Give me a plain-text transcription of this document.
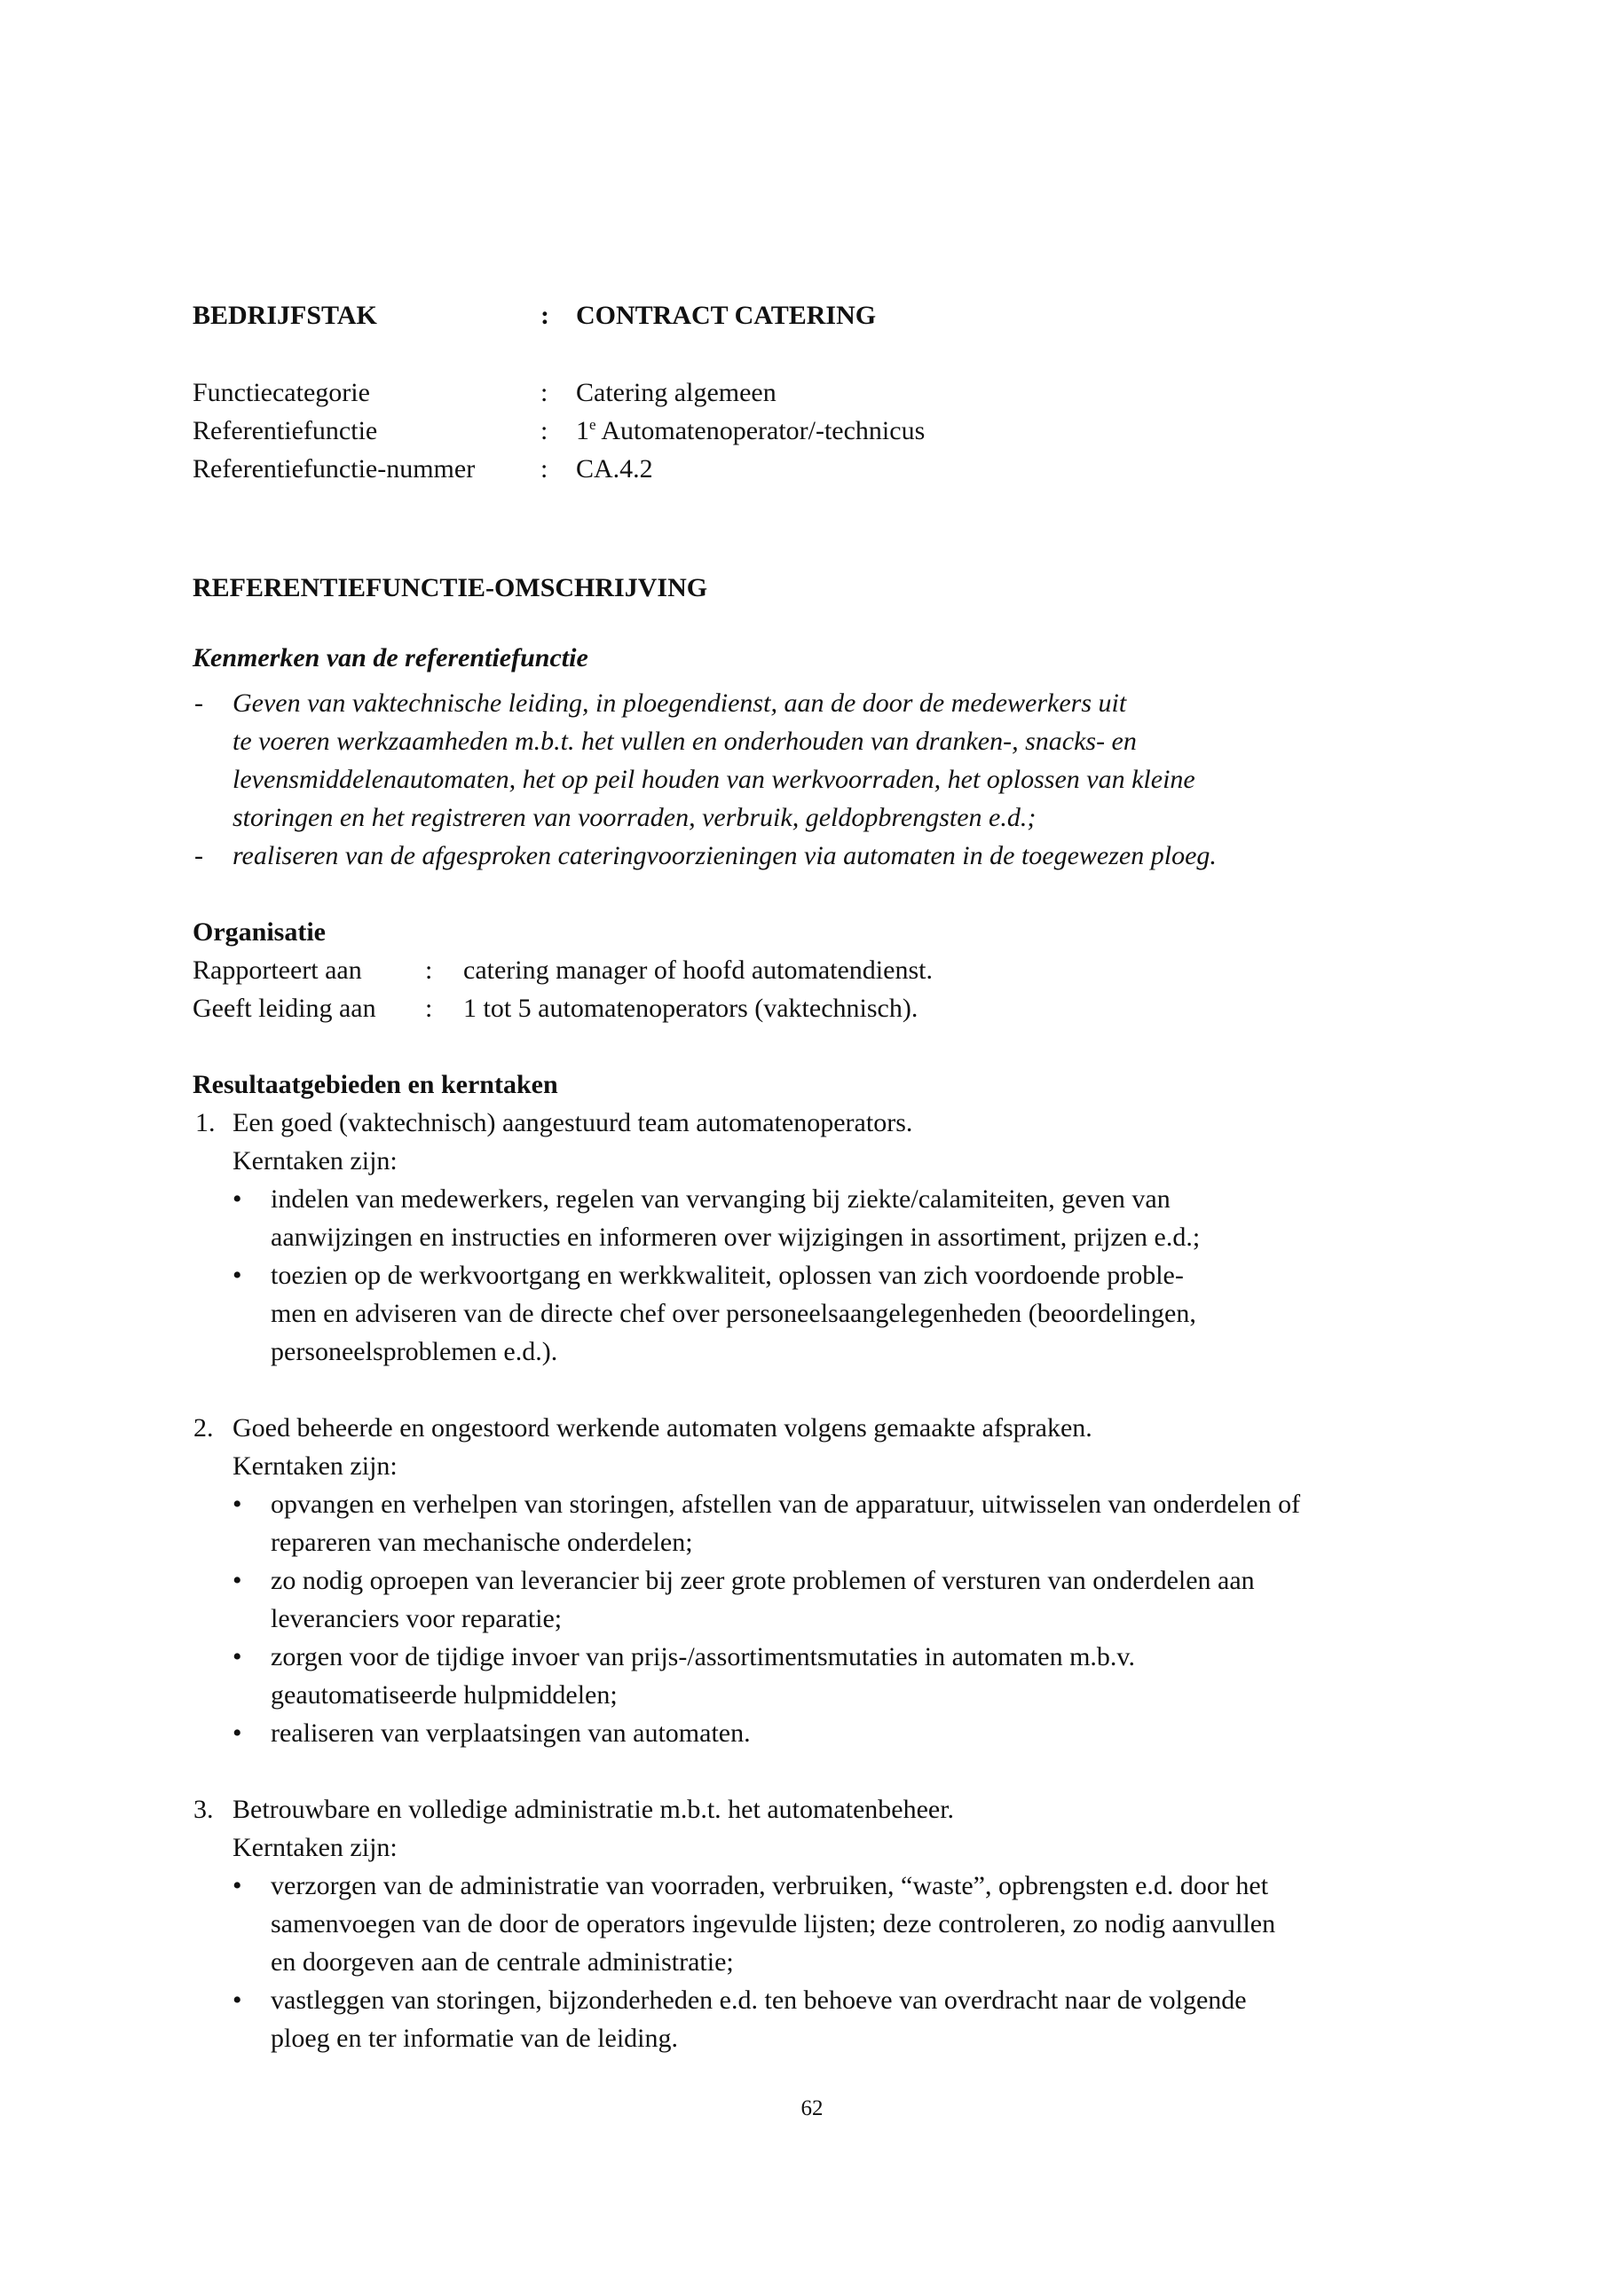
BEDRIJFSTAK	: CONTRACT CATERING
Functiecategorie	: Catering algemeen
Referentiefunctie	: 1e Automatenoperator/-technicus
Referentiefunctie-nummer : CA.4.2
REFERENTIEFUNCTIE-OMSCHRIJVING
Kenmerken van de referentiefunctie
- Geven van vaktechnische leiding, in ploegendienst, aan de door de medewerkers uit
te voeren werkzaamheden m.b.t. het vullen en onderhouden van dranken-, snacks- en
levensmiddelenautomaten, het op peil houden van werkvoorraden, het oplossen van kleine
storingen en het registreren van voorraden, verbruik, geldopbrengsten e.d.;
- realiseren van de afgesproken cateringvoorzieningen via automaten in de toegewezen ploeg.
Organisatie
Rapporteert aan : catering manager of hoofd automatendienst.
Geeft leiding aan : 1 tot 5 automatenoperators (vaktechnisch).
Resultaatgebieden en kerntaken
1. Een goed (vaktechnisch) aangestuurd team automatenoperators.
Kerntaken zijn:
• indelen van medewerkers, regelen van vervanging bij ziekte/calamiteiten, geven van
aanwijzingen en instructies en informeren over wijzigingen in assortiment, prijzen e.d.;
• toezien op de werkvoortgang en werkkwaliteit, oplossen van zich voordoende proble-
men en adviseren van de directe chef over personeelsaangelegenheden (beoordelingen,
personeelsproblemen e.d.).
2. Goed beheerde en ongestoord werkende automaten volgens gemaakte afspraken.
Kerntaken zijn:
• opvangen en verhelpen van storingen, afstellen van de apparatuur, uitwisselen van onderdelen of
repareren van mechanische onderdelen;
• zo nodig oproepen van leverancier bij zeer grote problemen of versturen van onderdelen aan
leveranciers voor reparatie;
• zorgen voor de tijdige invoer van prijs-/assortimentsmutaties in automaten m.b.v.
geautomatiseerde hulpmiddelen;
• realiseren van verplaatsingen van automaten.
3. Betrouwbare en volledige administratie m.b.t. het automatenbeheer.
Kerntaken zijn:
• verzorgen van de administratie van voorraden, verbruiken, “waste”, opbrengsten e.d. door het
samenvoegen van de door de operators ingevulde lijsten; deze controleren, zo nodig aanvullen
en doorgeven aan de centrale administratie;
• vastleggen van storingen, bijzonderheden e.d. ten behoeve van overdracht naar de volgende
ploeg en ter informatie van de leiding.
62
